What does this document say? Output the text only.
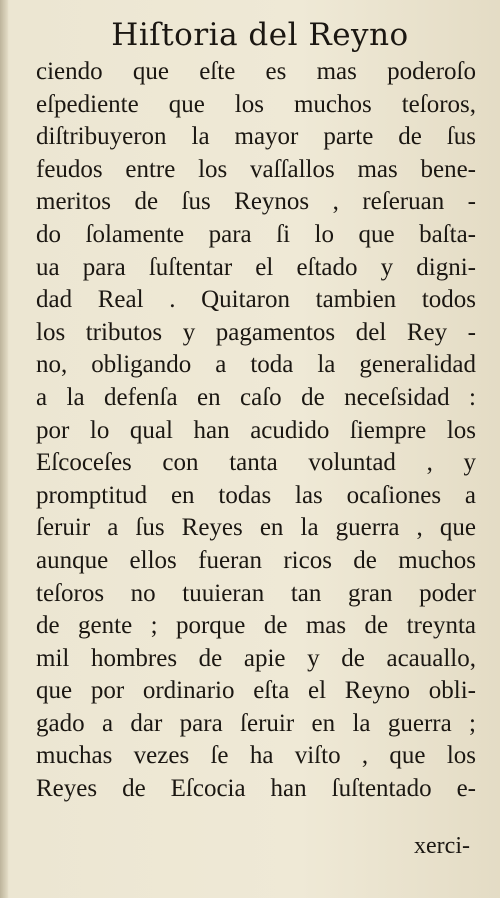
Hiſtoria del Reyno
ciendo que eſte es mas poderoſo
eſpediente que los muchos teſoros,
diſtribuyeron la mayor parte de ſus
feudos entre los vaſſallos mas bene-
meritos de ſus Reynos , reſeruan -
do ſolamente para ſi lo que baſta-
ua para ſuſtentar el eſtado y digni-
dad Real . Quitaron tambien todos
los tributos y pagamentos del Rey -
no, obligando a toda la generalidad
a la defenſa en caſo de neceſsidad :
por lo qual han acudido ſiempre los
Eſcoceſes con tanta voluntad , y
promptitud en todas las ocaſiones a
ſeruir a ſus Reyes en la guerra , que
aunque ellos fueran ricos de muchos
teſoros no tuuieran tan gran poder
de gente ; porque de mas de treynta
mil hombres de apie y de acauallo,
que por ordinario eſta el Reyno obli-
gado a dar para ſeruir en la guerra ;
muchas vezes ſe ha viſto , que los
Reyes de Eſcocia han ſuſtentado e-
xerci-
